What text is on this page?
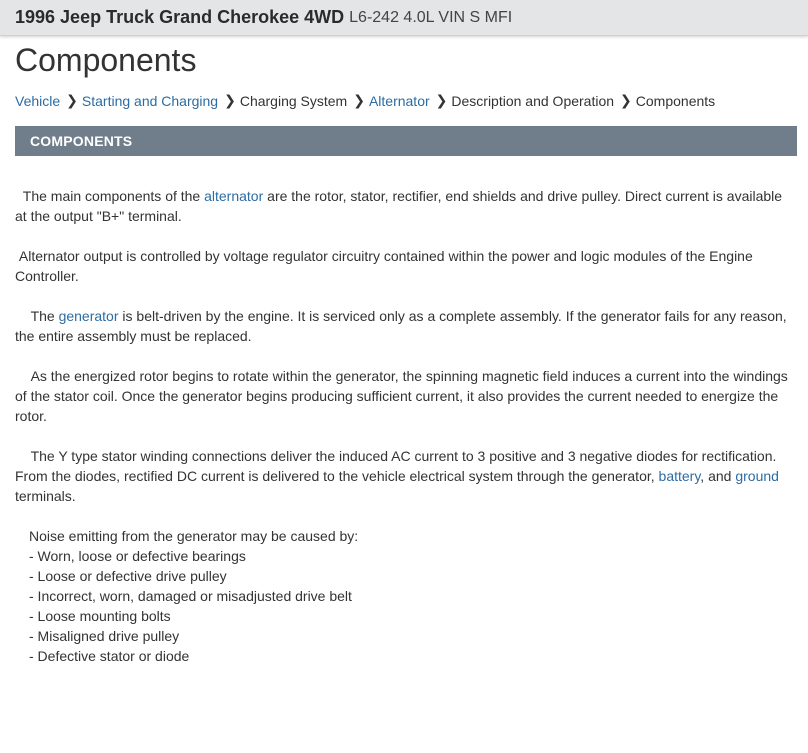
1996 Jeep Truck Grand Cherokee 4WD L6-242 4.0L VIN S MFI
Components
Vehicle ❯ Starting and Charging ❯ Charging System ❯ Alternator ❯ Description and Operation ❯ Components
COMPONENTS

The main components of the alternator are the rotor, stator, rectifier, end shields and drive pulley. Direct current is available at the output "B+" terminal.

Alternator output is controlled by voltage regulator circuitry contained within the power and logic modules of the Engine Controller.

The generator is belt-driven by the engine. It is serviced only as a complete assembly. If the generator fails for any reason, the entire assembly must be replaced.

As the energized rotor begins to rotate within the generator, the spinning magnetic field induces a current into the windings of the stator coil. Once the generator begins producing sufficient current, it also provides the current needed to energize the rotor.

The Y type stator winding connections deliver the induced AC current to 3 positive and 3 negative diodes for rectification. From the diodes, rectified DC current is delivered to the vehicle electrical system through the generator, battery, and ground terminals.

Noise emitting from the generator may be caused by:
- Worn, loose or defective bearings
- Loose or defective drive pulley
- Incorrect, worn, damaged or misadjusted drive belt
- Loose mounting bolts
- Misaligned drive pulley
- Defective stator or diode
